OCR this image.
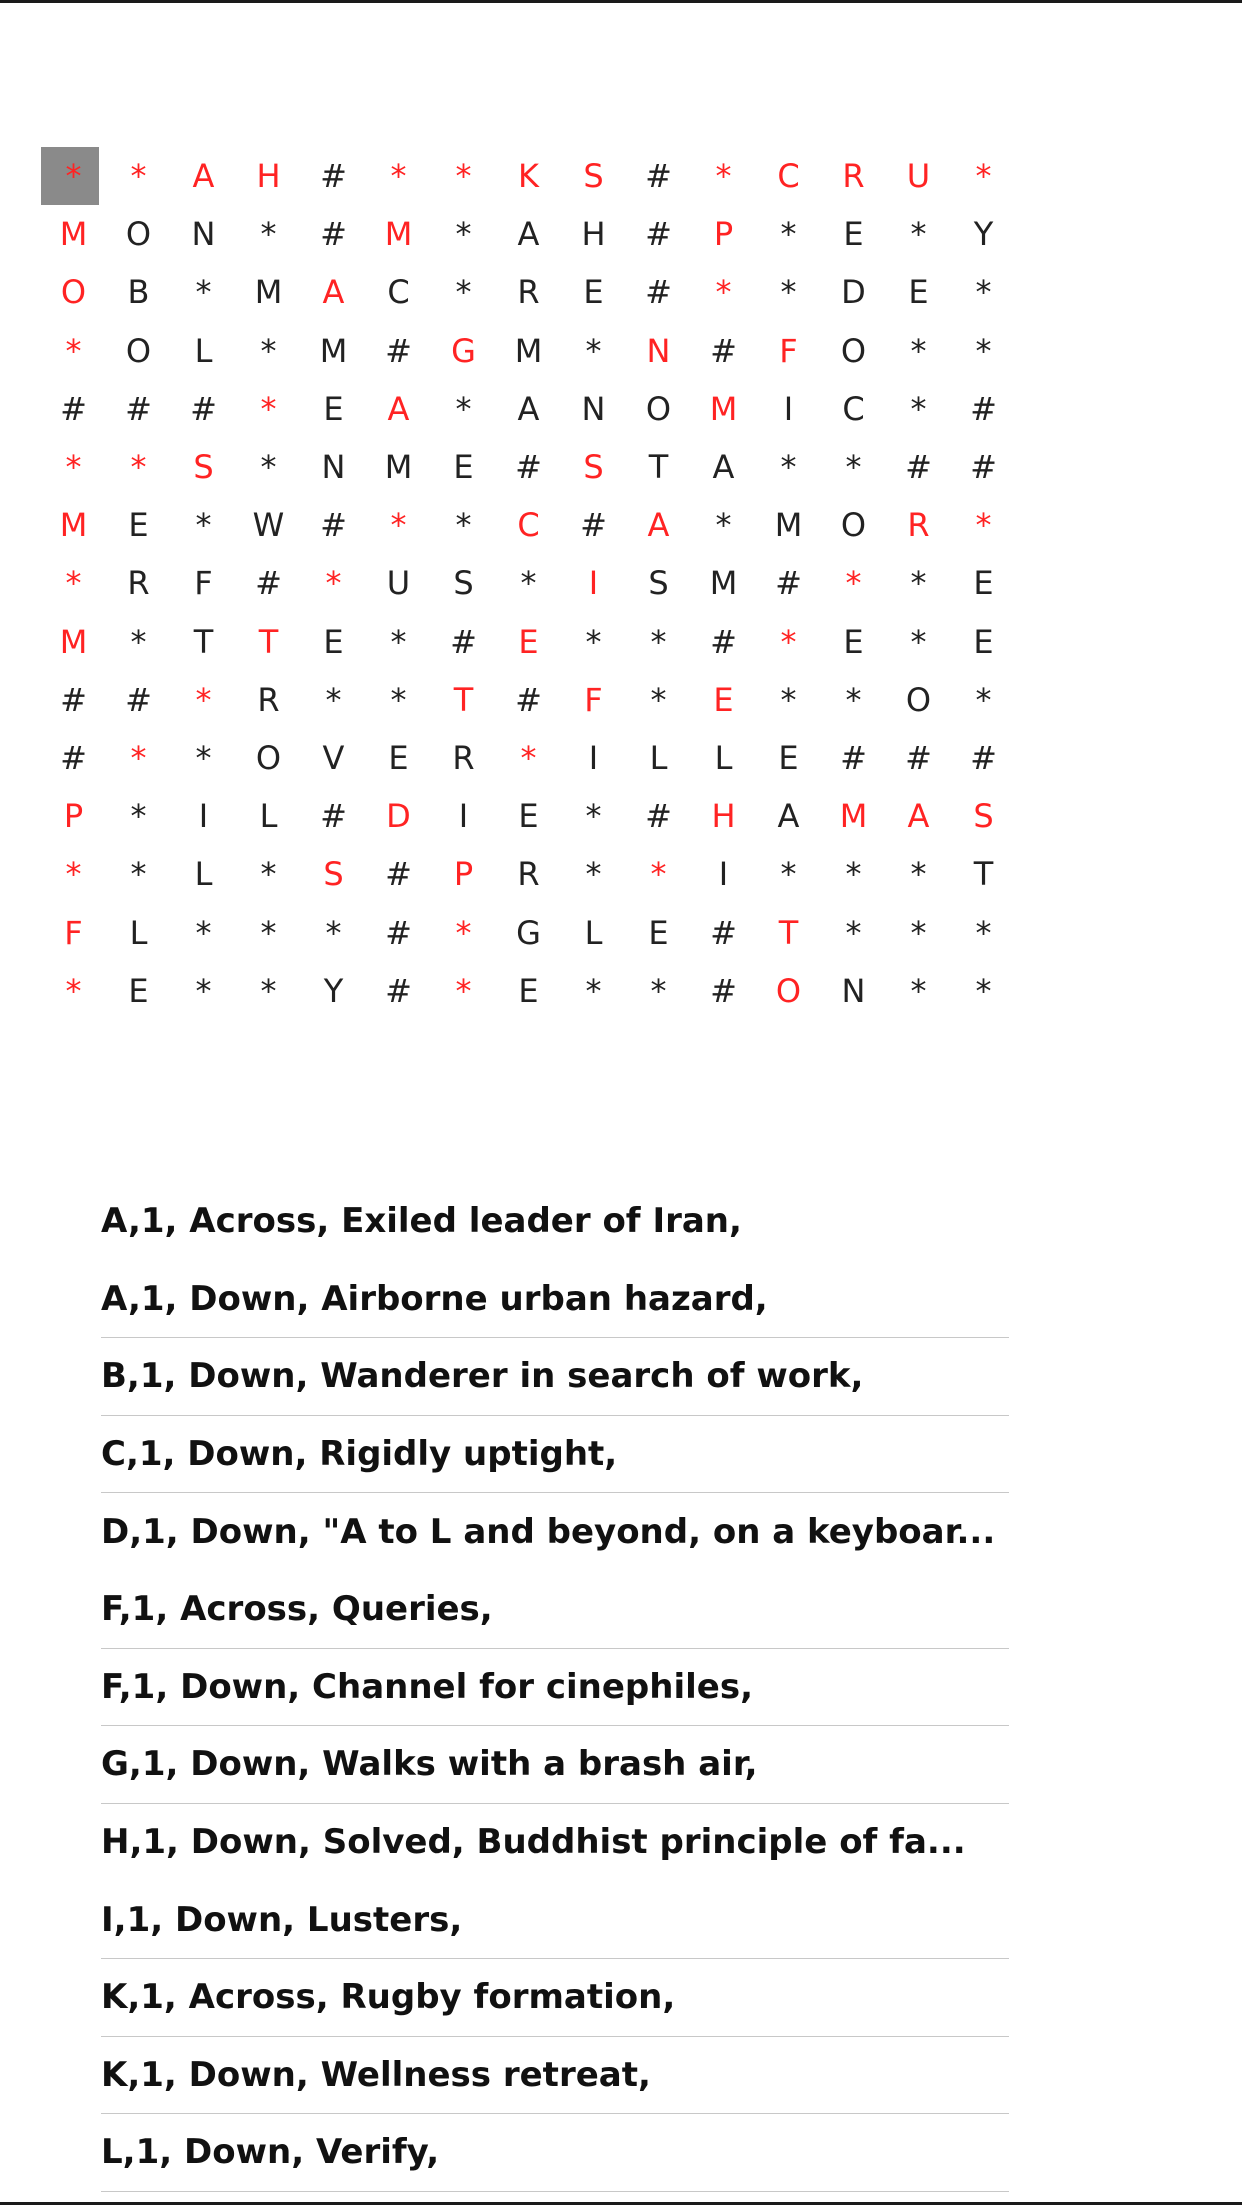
*	*	A	H	#	*	*	K	S	#	*	C	R	U	*
M	O	N	*	#	M	*	A	H	#	P	*	E	*	Y
O	B	*	M	A	C	*	R	E	#	*	*	D	E	*
*	O	L	*	M	#	G	M	*	N	#	F	O	*	*
#	#	#	*	E	A	*	A	N	O	M	I	C	*	#
*	*	S	*	N	M	E	#	S	T	A	*	*	#	#
M	E	*	W	#	*	*	C	#	A	*	M	O	R	*
*	R	F	#	*	U	S	*	I	S	M	#	*	*	E
M	*	T	T	E	*	#	E	*	*	#	*	E	*	E
#	#	*	R	*	*	T	#	F	*	E	*	*	O	*
#	*	*	O	V	E	R	*	I	L	L	E	#	#	#
P	*	I	L	#	D	I	E	*	#	H	A	M	A	S
*	*	L	*	S	#	P	R	*	*	I	*	*	*	T
F	L	*	*	*	#	*	G	L	E	#	T	*	*	*
*	E	*	*	Y	#	*	E	*	*	#	O	N	*	*
A,1, Across, Exiled leader of Iran,
A,1, Down, Airborne urban hazard,
B,1, Down, Wanderer in search of work,
C,1, Down, Rigidly uptight,
D,1, Down, "A to L and beyond, on a keyboar...
F,1, Across, Queries,
F,1, Down, Channel for cinephiles,
G,1, Down, Walks with a brash air,
H,1, Down, Solved, Buddhist principle of fa...
I,1, Down, Lusters,
K,1, Across, Rugby formation,
K,1, Down, Wellness retreat,
L,1, Down, Verify,
